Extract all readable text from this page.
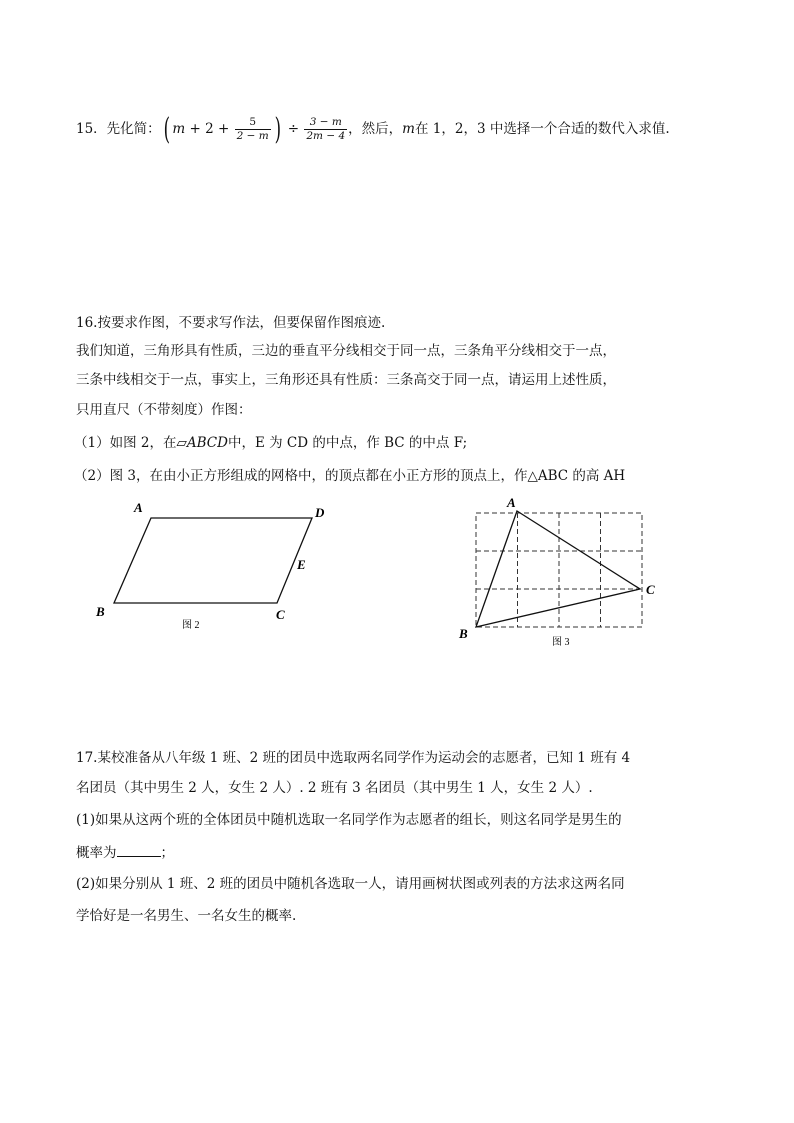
15．先化简：( $m + 2 + \frac{5}{2 - m}$ ) ÷ $\frac{3 - m}{2m - 4}$ ，然后，m在 1，2，3 中选择一个合适的数代入求值.
16.按要求作图，不要求写作法，但要保留作图痕迹.
我们知道，三角形具有性质，三边的垂直平分线相交于同一点，三条角平分线相交于一点，
三条中线相交于一点，事实上，三角形还具有性质：三条高交于同一点，请运用上述性质，
只用直尺（不带刻度）作图：
（1）如图 2，在▱ABCD中，E 为 CD 的中点，作 BC 的中点 F;
（2）图 3，在由小正方形组成的网格中，的顶点都在小正方形的顶点上，作△ABC 的高 AH
A	D
E
B	C
图 2
A
C
B
图 3
17.某校准备从八年级 1 班、2 班的团员中选取两名同学作为运动会的志愿者，已知 1 班有 4
名团员（其中男生 2 人，女生 2 人）. 2 班有 3 名团员（其中男生 1 人，女生 2 人）.
(1)如果从这两个班的全体团员中随机选取一名同学作为志愿者的组长，则这名同学是男生的
概率为	；
(2)如果分别从 1 班、2 班的团员中随机各选取一人，请用画树状图或列表的方法求这两名同
学恰好是一名男生、一名女生的概率.
